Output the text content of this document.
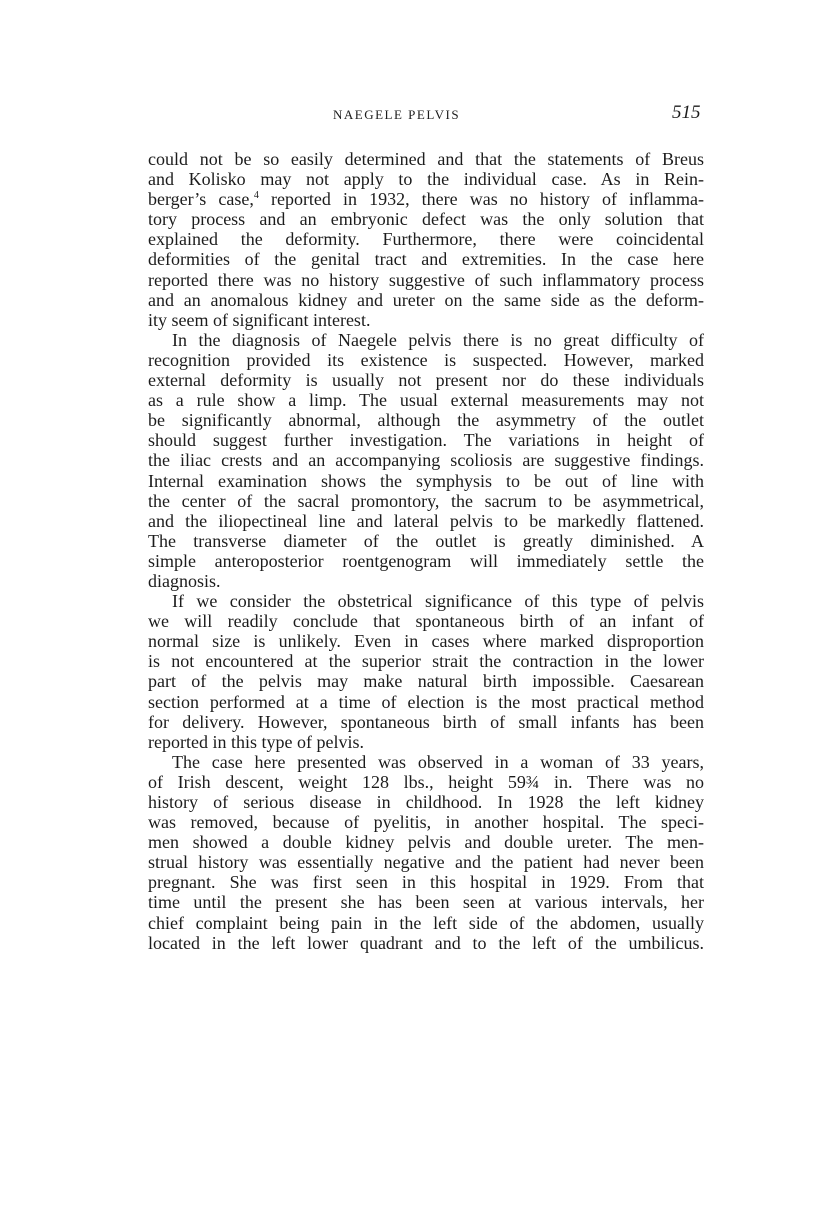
NAEGELE PELVIS	515
could not be so easily determined and that the statements of Breus
and Kolisko may not apply to the individual case. As in Rein-
berger’s case,$^4$ reported in 1932, there was no history of inflamma-
tory process and an embryonic defect was the only solution that
explained the deformity. Furthermore, there were coincidental
deformities of the genital tract and extremities. In the case here
reported there was no history suggestive of such inflammatory process
and an anomalous kidney and ureter on the same side as the deform-
ity seem of significant interest.
In the diagnosis of Naegele pelvis there is no great difficulty of
recognition provided its existence is suspected. However, marked
external deformity is usually not present nor do these individuals
as a rule show a limp. The usual external measurements may not
be significantly abnormal, although the asymmetry of the outlet
should suggest further investigation. The variations in height of
the iliac crests and an accompanying scoliosis are suggestive findings.
Internal examination shows the symphysis to be out of line with
the center of the sacral promontory, the sacrum to be asymmetrical,
and the iliopectineal line and lateral pelvis to be markedly flattened.
The transverse diameter of the outlet is greatly diminished. A
simple anteroposterior roentgenogram will immediately settle the
diagnosis.
If we consider the obstetrical significance of this type of pelvis
we will readily conclude that spontaneous birth of an infant of
normal size is unlikely. Even in cases where marked disproportion
is not encountered at the superior strait the contraction in the lower
part of the pelvis may make natural birth impossible. Caesarean
section performed at a time of election is the most practical method
for delivery. However, spontaneous birth of small infants has been
reported in this type of pelvis.
The case here presented was observed in a woman of 33 years,
of Irish descent, weight 128 lbs., height 59¾ in. There was no
history of serious disease in childhood. In 1928 the left kidney
was removed, because of pyelitis, in another hospital. The speci-
men showed a double kidney pelvis and double ureter. The men-
strual history was essentially negative and the patient had never been
pregnant. She was first seen in this hospital in 1929. From that
time until the present she has been seen at various intervals, her
chief complaint being pain in the left side of the abdomen, usually
located in the left lower quadrant and to the left of the umbilicus.
